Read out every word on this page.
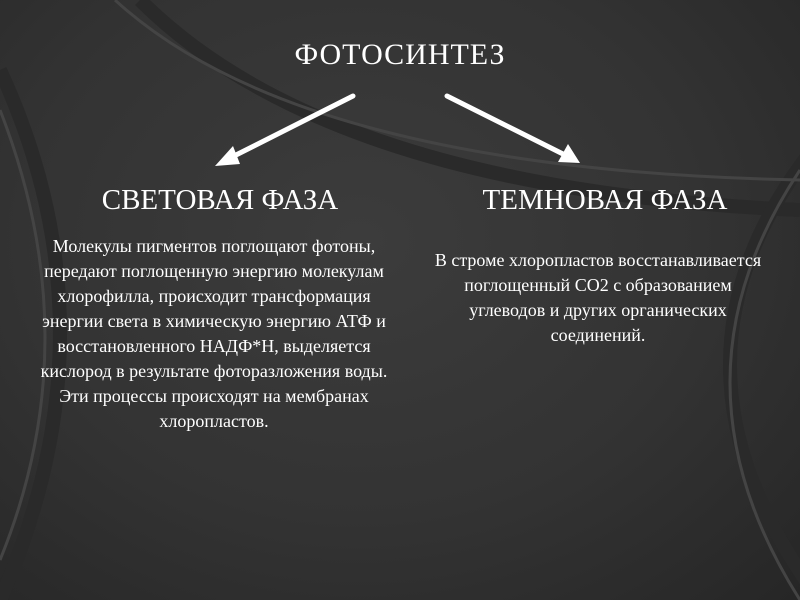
ФОТОСИНТЕЗ
СВЕТОВАЯ ФАЗА	ТЕМНОВАЯ ФАЗА
Молекулы пигментов поглощают фотоны, передают поглощенную энергию молекулам хлорофилла, происходит трансформация энергии света в химическую энергию АТФ и восстановленного НАДФ*Н, выделяется кислород в результате фоторазложения воды. Эти процессы происходят на мембранах хлоропластов.
В строме хлоропластов восстанавливается поглощенный СО2 с образованием углеводов и других органических соединений.
